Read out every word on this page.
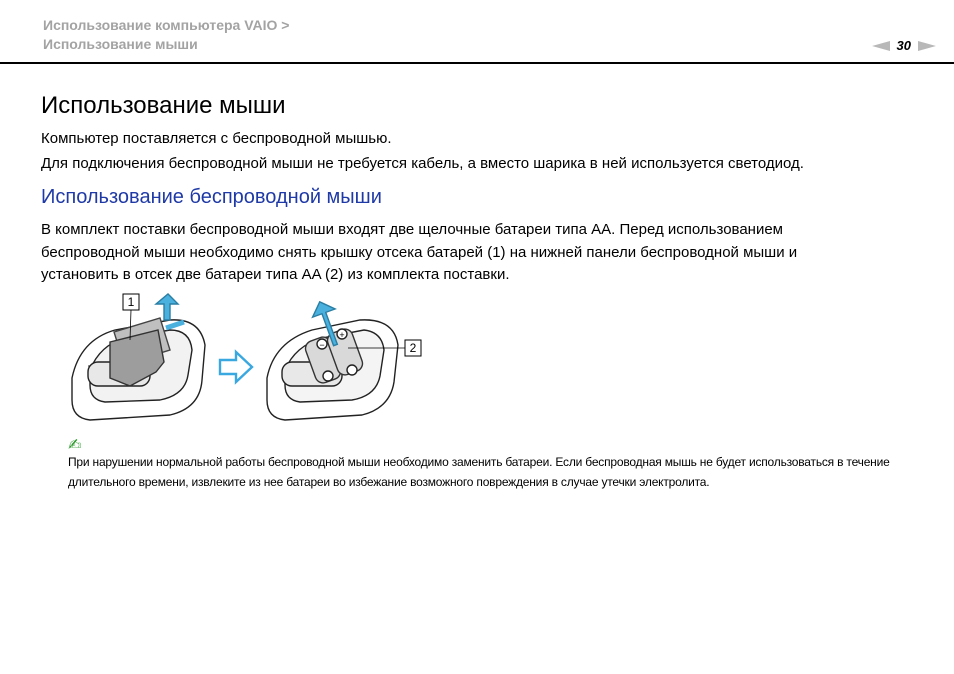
Использование компьютера VAIO >
Использование мыши	30
Использование мыши
Компьютер поставляется с беспроводной мышью.
Для подключения беспроводной мыши не требуется кабель, а вместо шарика в ней используется светодиод.
Использование беспроводной мыши
В комплект поставки беспроводной мыши входят две щелочные батареи типа AA. Перед использованием
беспроводной мыши необходимо снять крышку отсека батарей (1) на нижней панели беспроводной мыши и
установить в отсек две батареи типа AA (2) из комплекта поставки.
1
−
+
2
✍
При нарушении нормальной работы беспроводной мыши необходимо заменить батареи. Если беспроводная мышь не будет использоваться в течение
длительного времени, извлеките из нее батареи во избежание возможного повреждения в случае утечки электролита.
